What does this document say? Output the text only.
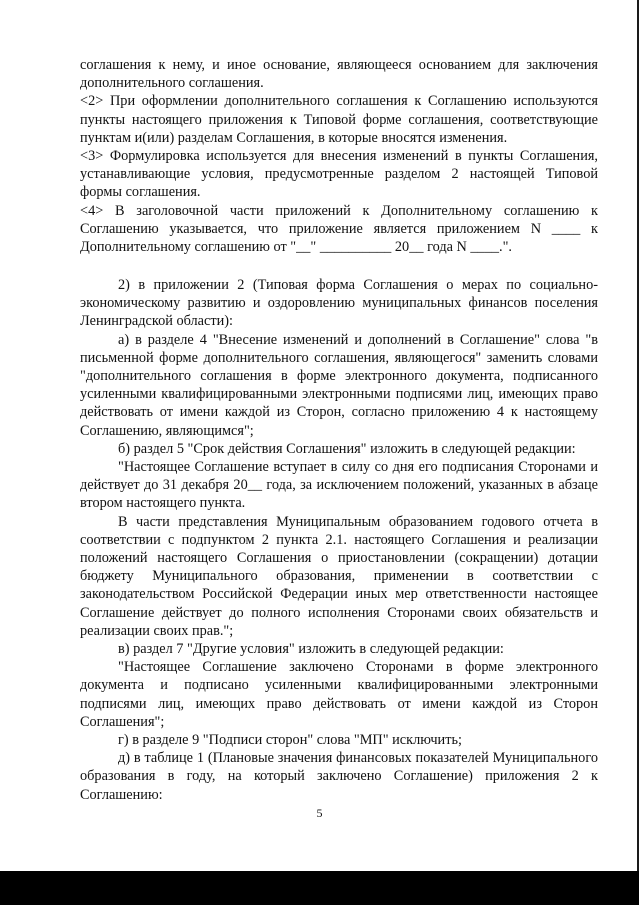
соглашения к нему, и иное основание, являющееся основанием для заключения дополнительного соглашения.

<2> При оформлении дополнительного соглашения к Соглашению используются пункты настоящего приложения к Типовой форме соглашения, соответствующие пунктам и(или) разделам Соглашения, в которые вносятся изменения.

<3> Формулировка используется для внесения изменений в пункты Соглашения, устанавливающие условия, предусмотренные разделом 2 настоящей Типовой формы соглашения.

<4> В заголовочной части приложений к Дополнительному соглашению к Соглашению указывается, что приложение является приложением N ____ к Дополнительному соглашению от "__" __________ 20__ года N ____.".

2) в приложении 2 (Типовая форма Соглашения о мерах по социально-экономическому развитию и оздоровлению муниципальных финансов поселения Ленинградской области):

а) в разделе 4 "Внесение изменений и дополнений в Соглашение" слова "в письменной форме дополнительного соглашения, являющегося" заменить словами "дополнительного соглашения в форме электронного документа, подписанного усиленными квалифицированными электронными подписями лиц, имеющих право действовать от имени каждой из Сторон, согласно приложению 4 к настоящему Соглашению, являющимся";

б) раздел 5 "Срок действия Соглашения" изложить в следующей редакции:

"Настоящее Соглашение вступает в силу со дня его подписания Сторонами и действует до 31 декабря 20__ года, за исключением положений, указанных в абзаце втором настоящего пункта.

В части представления Муниципальным образованием годового отчета в соответствии с подпунктом 2 пункта 2.1. настоящего Соглашения и реализации положений настоящего Соглашения о приостановлении (сокращении) дотации бюджету Муниципального образования, применении в соответствии с законодательством Российской Федерации иных мер ответственности настоящее Соглашение действует до полного исполнения Сторонами своих обязательств и реализации своих прав.";

в) раздел 7 "Другие условия" изложить в следующей редакции:

"Настоящее Соглашение заключено Сторонами в форме электронного документа и подписано усиленными квалифицированными электронными подписями лиц, имеющих право действовать от имени каждой из Сторон Соглашения";

г) в разделе 9 "Подписи сторон" слова "МП" исключить;

д) в таблице 1 (Плановые значения финансовых показателей Муниципального образования в году, на который заключено Соглашение) приложения 2 к Соглашению:

5
